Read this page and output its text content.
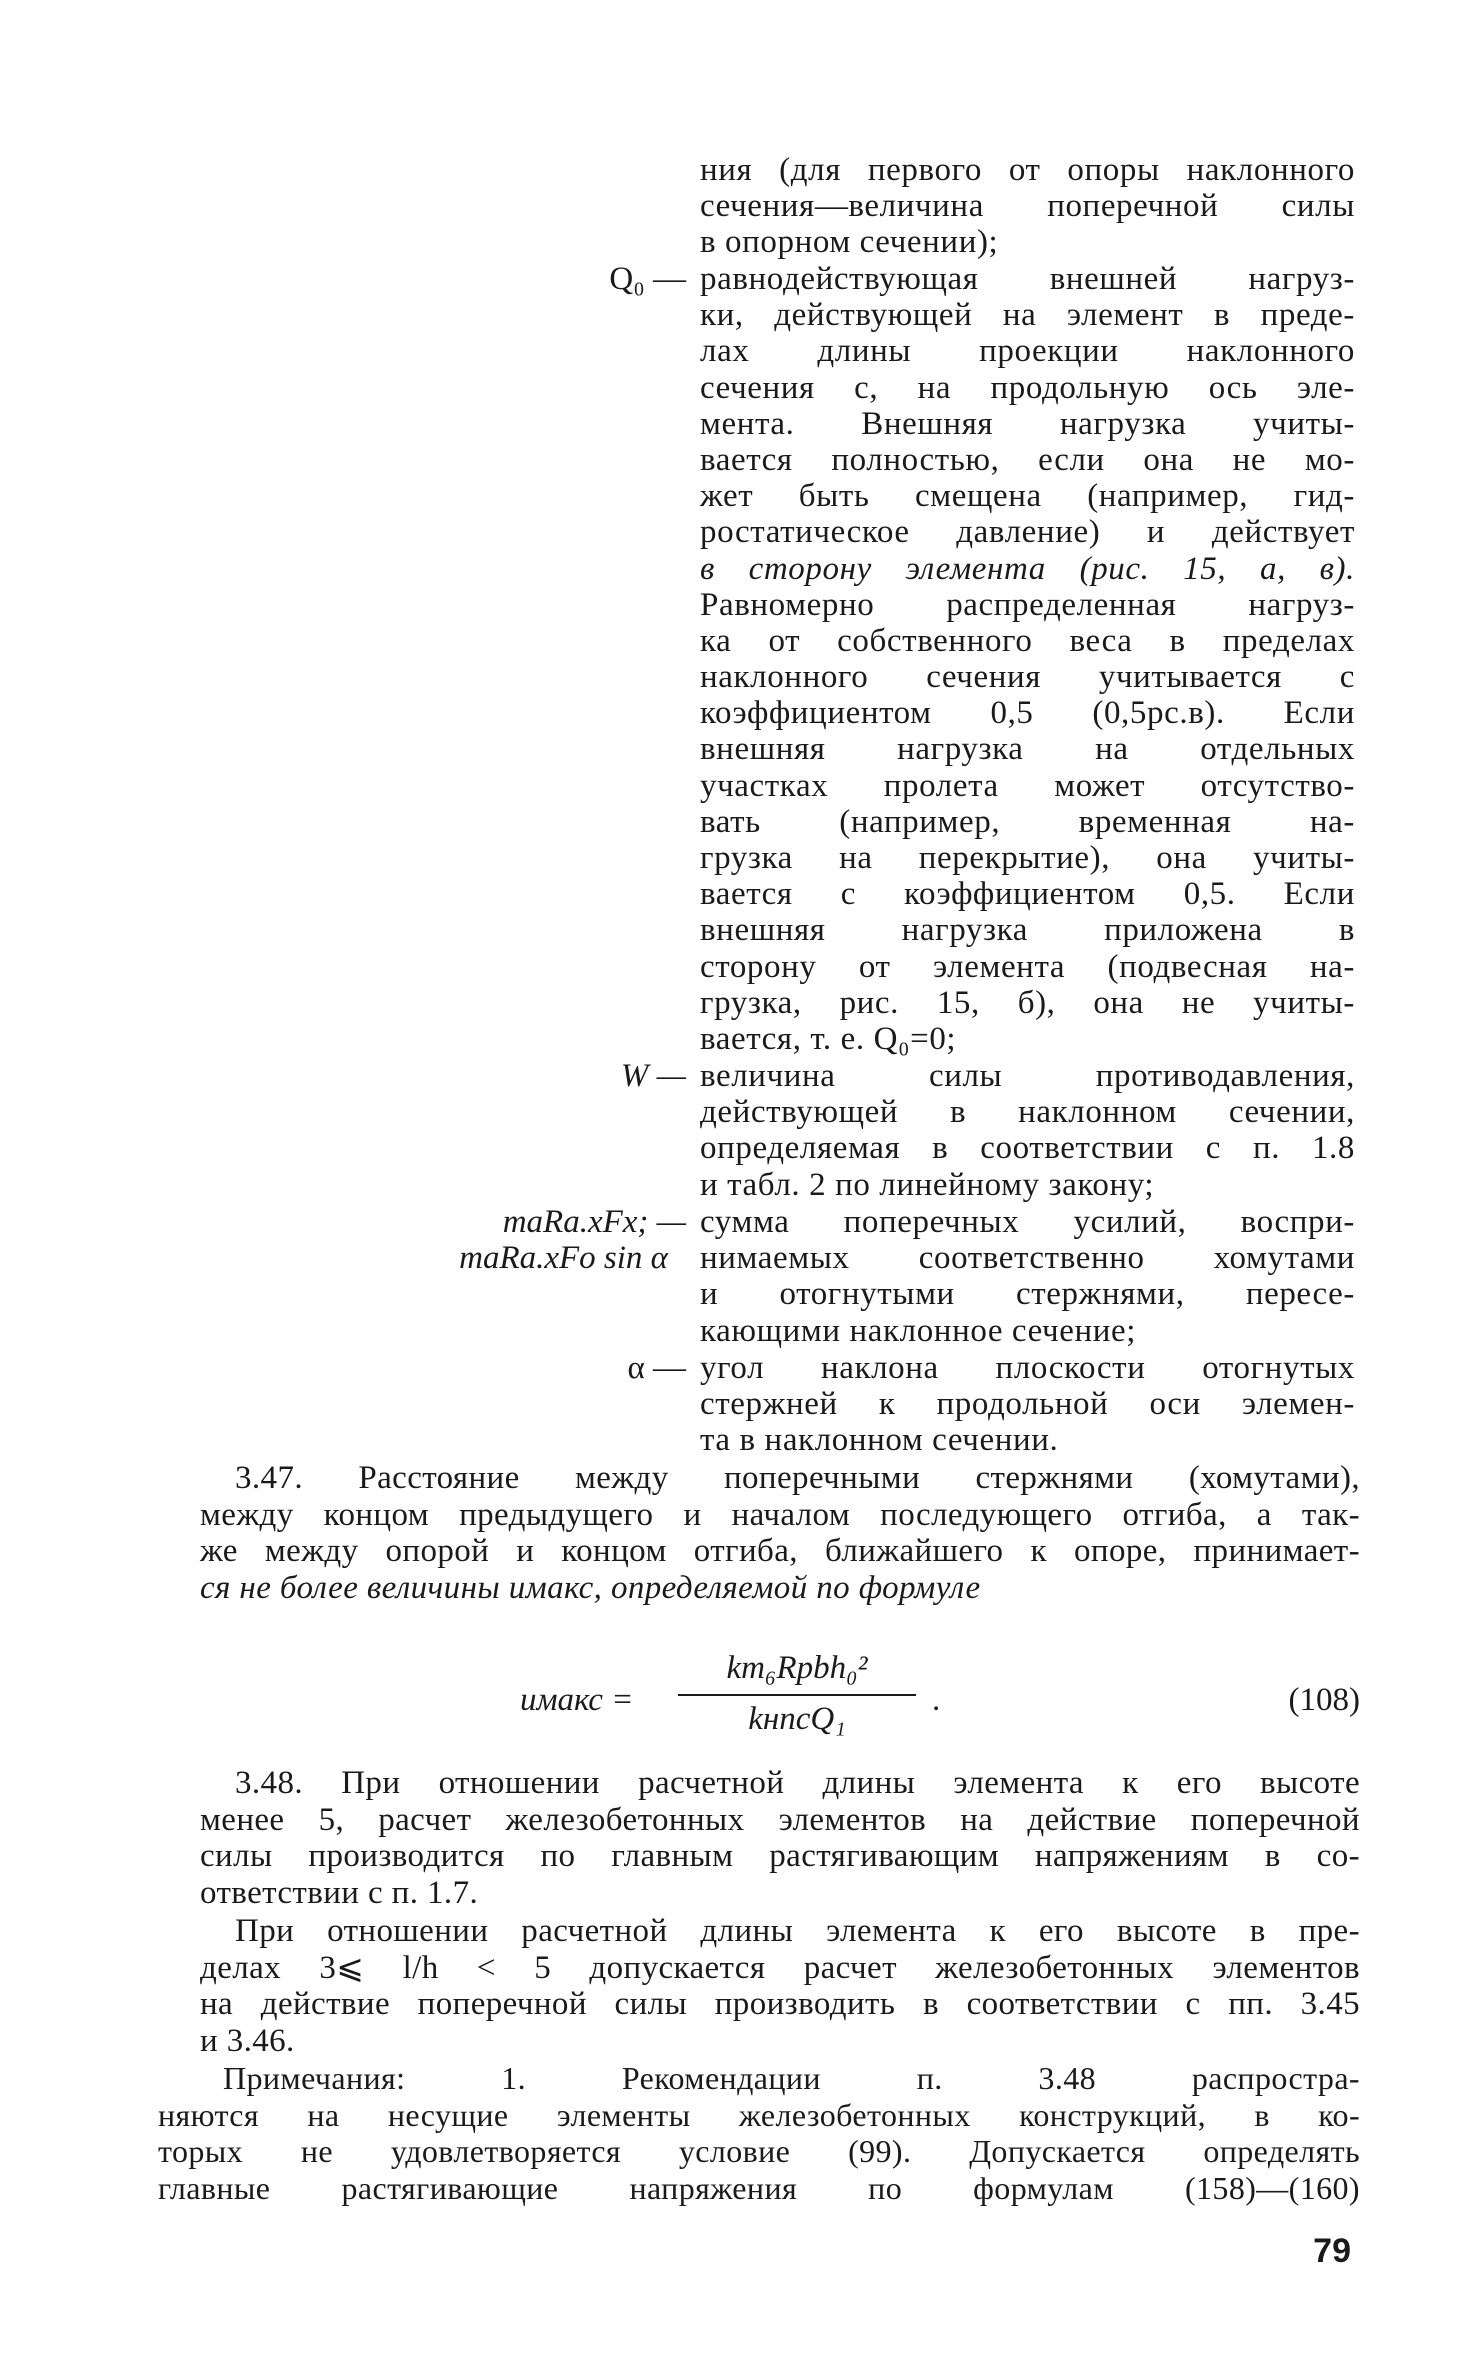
ния (для первого от опоры наклонного
сечения—величина поперечной силы
в опорном сечении);
Q₀ — равнодействующая внешней нагруз-
ки, действующей на элемент в преде-
лах длины проекции наклонного
сечения c, на продольную ось эле-
мента. Внешняя нагрузка учиты-
вается полностью, если она не мо-
жет быть смещена (например, гид-
ростатическое давление) и действует
в сторону элемента (рис. 15, а, в).
Равномерно распределенная нагруз-
ка от собственного веса в пределах
наклонного сечения учитывается с
коэффициентом 0,5 (0,5pс.в). Если
внешняя нагрузка на отдельных
участках пролета может отсутство-
вать (например, временная на-
грузка на перекрытие), она учиты-
вается с коэффициентом 0,5. Если
внешняя нагрузка приложена в
сторону от элемента (подвесная на-
грузка, рис. 15, б), она не учиты-
вается, т. е. Q₀=0;
W — величина силы противодавления,
действующей в наклонном сечении,
определяемая в соответствии с п. 1.8
и табл. 2 по линейному закону;
maRa.xFx; —
maRa.xFo sin α
сумма поперечных усилий, воспри-
нимаемых соответственно хомутами
и отогнутыми стержнями, пересе-
кающими наклонное сечение;
α — угол наклона плоскости отогнутых
стержней к продольной оси элемен-
та в наклонном сечении.
3.47. Расстояние между поперечными стержнями (хомутами),
между концом предыдущего и началом последующего отгиба, а так-
же между опорой и концом отгиба, ближайшего к опоре, принимает-
ся не более величины uмакс, определяемой по формуле
uмакс =
km₆Rpbh₀²
kнncQ₁
.	(108)
3.48. При отношении расчетной длины элемента к его высоте
менее 5, расчет железобетонных элементов на действие поперечной
силы производится по главным растягивающим напряжениям в со-
ответствии с п. 1.7.
При отношении расчетной длины элемента к его высоте в пре-
делах 3⩽ l/h < 5 допускается расчет железобетонных элементов
на действие поперечной силы производить в соответствии с пп. 3.45
и 3.46.
Примечания: 1. Рекомендации п. 3.48 распростра-
няются на несущие элементы железобетонных конструкций, в ко-
торых не удовлетворяется условие (99). Допускается определять
главные растягивающие напряжения по формулам (158)—(160)
79
